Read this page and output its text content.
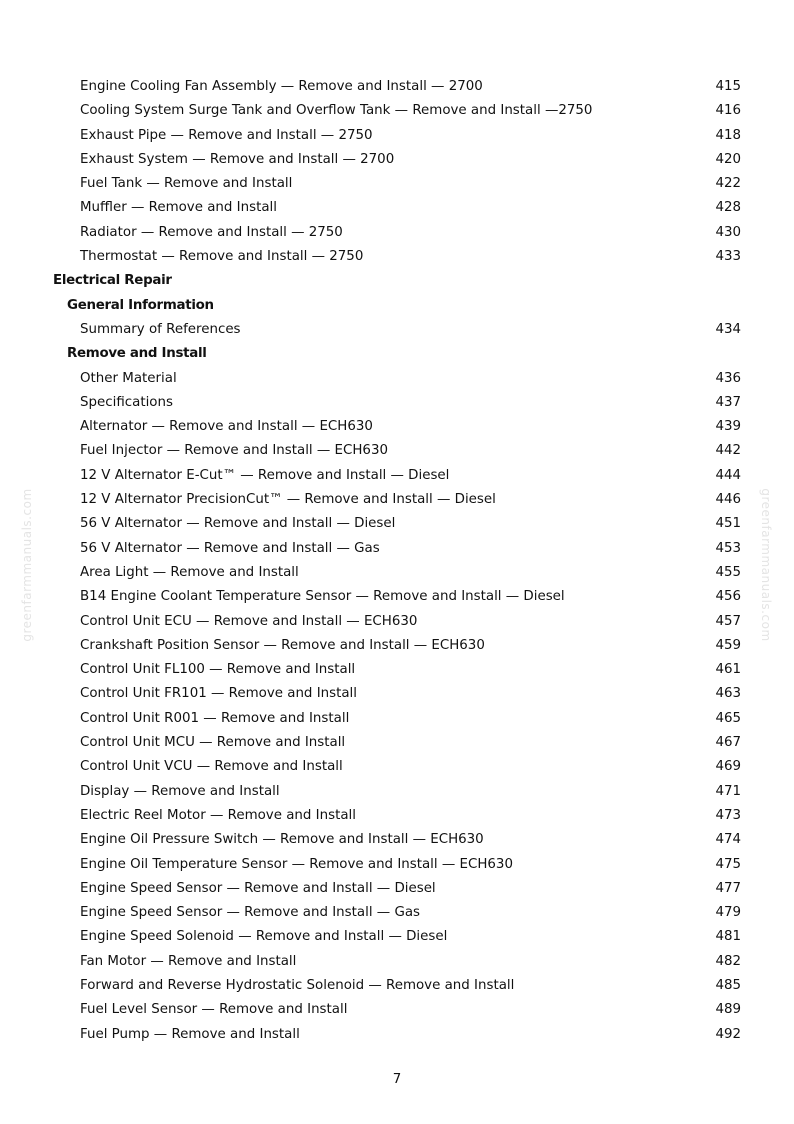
greenfarmmanuals.com	greenfarmmanuals.com
Engine Cooling Fan Assembly — Remove and Install — 2700	415
Cooling System Surge Tank and Overflow Tank — Remove and Install —2750	416
Exhaust Pipe — Remove and Install — 2750	418
Exhaust System — Remove and Install — 2700	420
Fuel Tank — Remove and Install	422
Muffler — Remove and Install	428
Radiator — Remove and Install — 2750	430
Thermostat — Remove and Install — 2750	433
Electrical Repair
General Information
Summary of References	434
Remove and Install
Other Material	436
Specifications	437
Alternator — Remove and Install — ECH630	439
Fuel Injector — Remove and Install — ECH630	442
12 V Alternator E-Cut™ — Remove and Install — Diesel	444
12 V Alternator PrecisionCut™ — Remove and Install — Diesel	446
56 V Alternator — Remove and Install — Diesel	451
56 V Alternator — Remove and Install — Gas	453
Area Light — Remove and Install	455
B14 Engine Coolant Temperature Sensor — Remove and Install — Diesel	456
Control Unit ECU — Remove and Install — ECH630	457
Crankshaft Position Sensor — Remove and Install — ECH630	459
Control Unit FL100 — Remove and Install	461
Control Unit FR101 — Remove and Install	463
Control Unit R001 — Remove and Install	465
Control Unit MCU — Remove and Install	467
Control Unit VCU — Remove and Install	469
Display — Remove and Install	471
Electric Reel Motor — Remove and Install	473
Engine Oil Pressure Switch — Remove and Install — ECH630	474
Engine Oil Temperature Sensor — Remove and Install — ECH630	475
Engine Speed Sensor — Remove and Install — Diesel	477
Engine Speed Sensor — Remove and Install — Gas	479
Engine Speed Solenoid — Remove and Install — Diesel	481
Fan Motor — Remove and Install	482
Forward and Reverse Hydrostatic Solenoid — Remove and Install	485
Fuel Level Sensor — Remove and Install	489
Fuel Pump — Remove and Install	492
7
